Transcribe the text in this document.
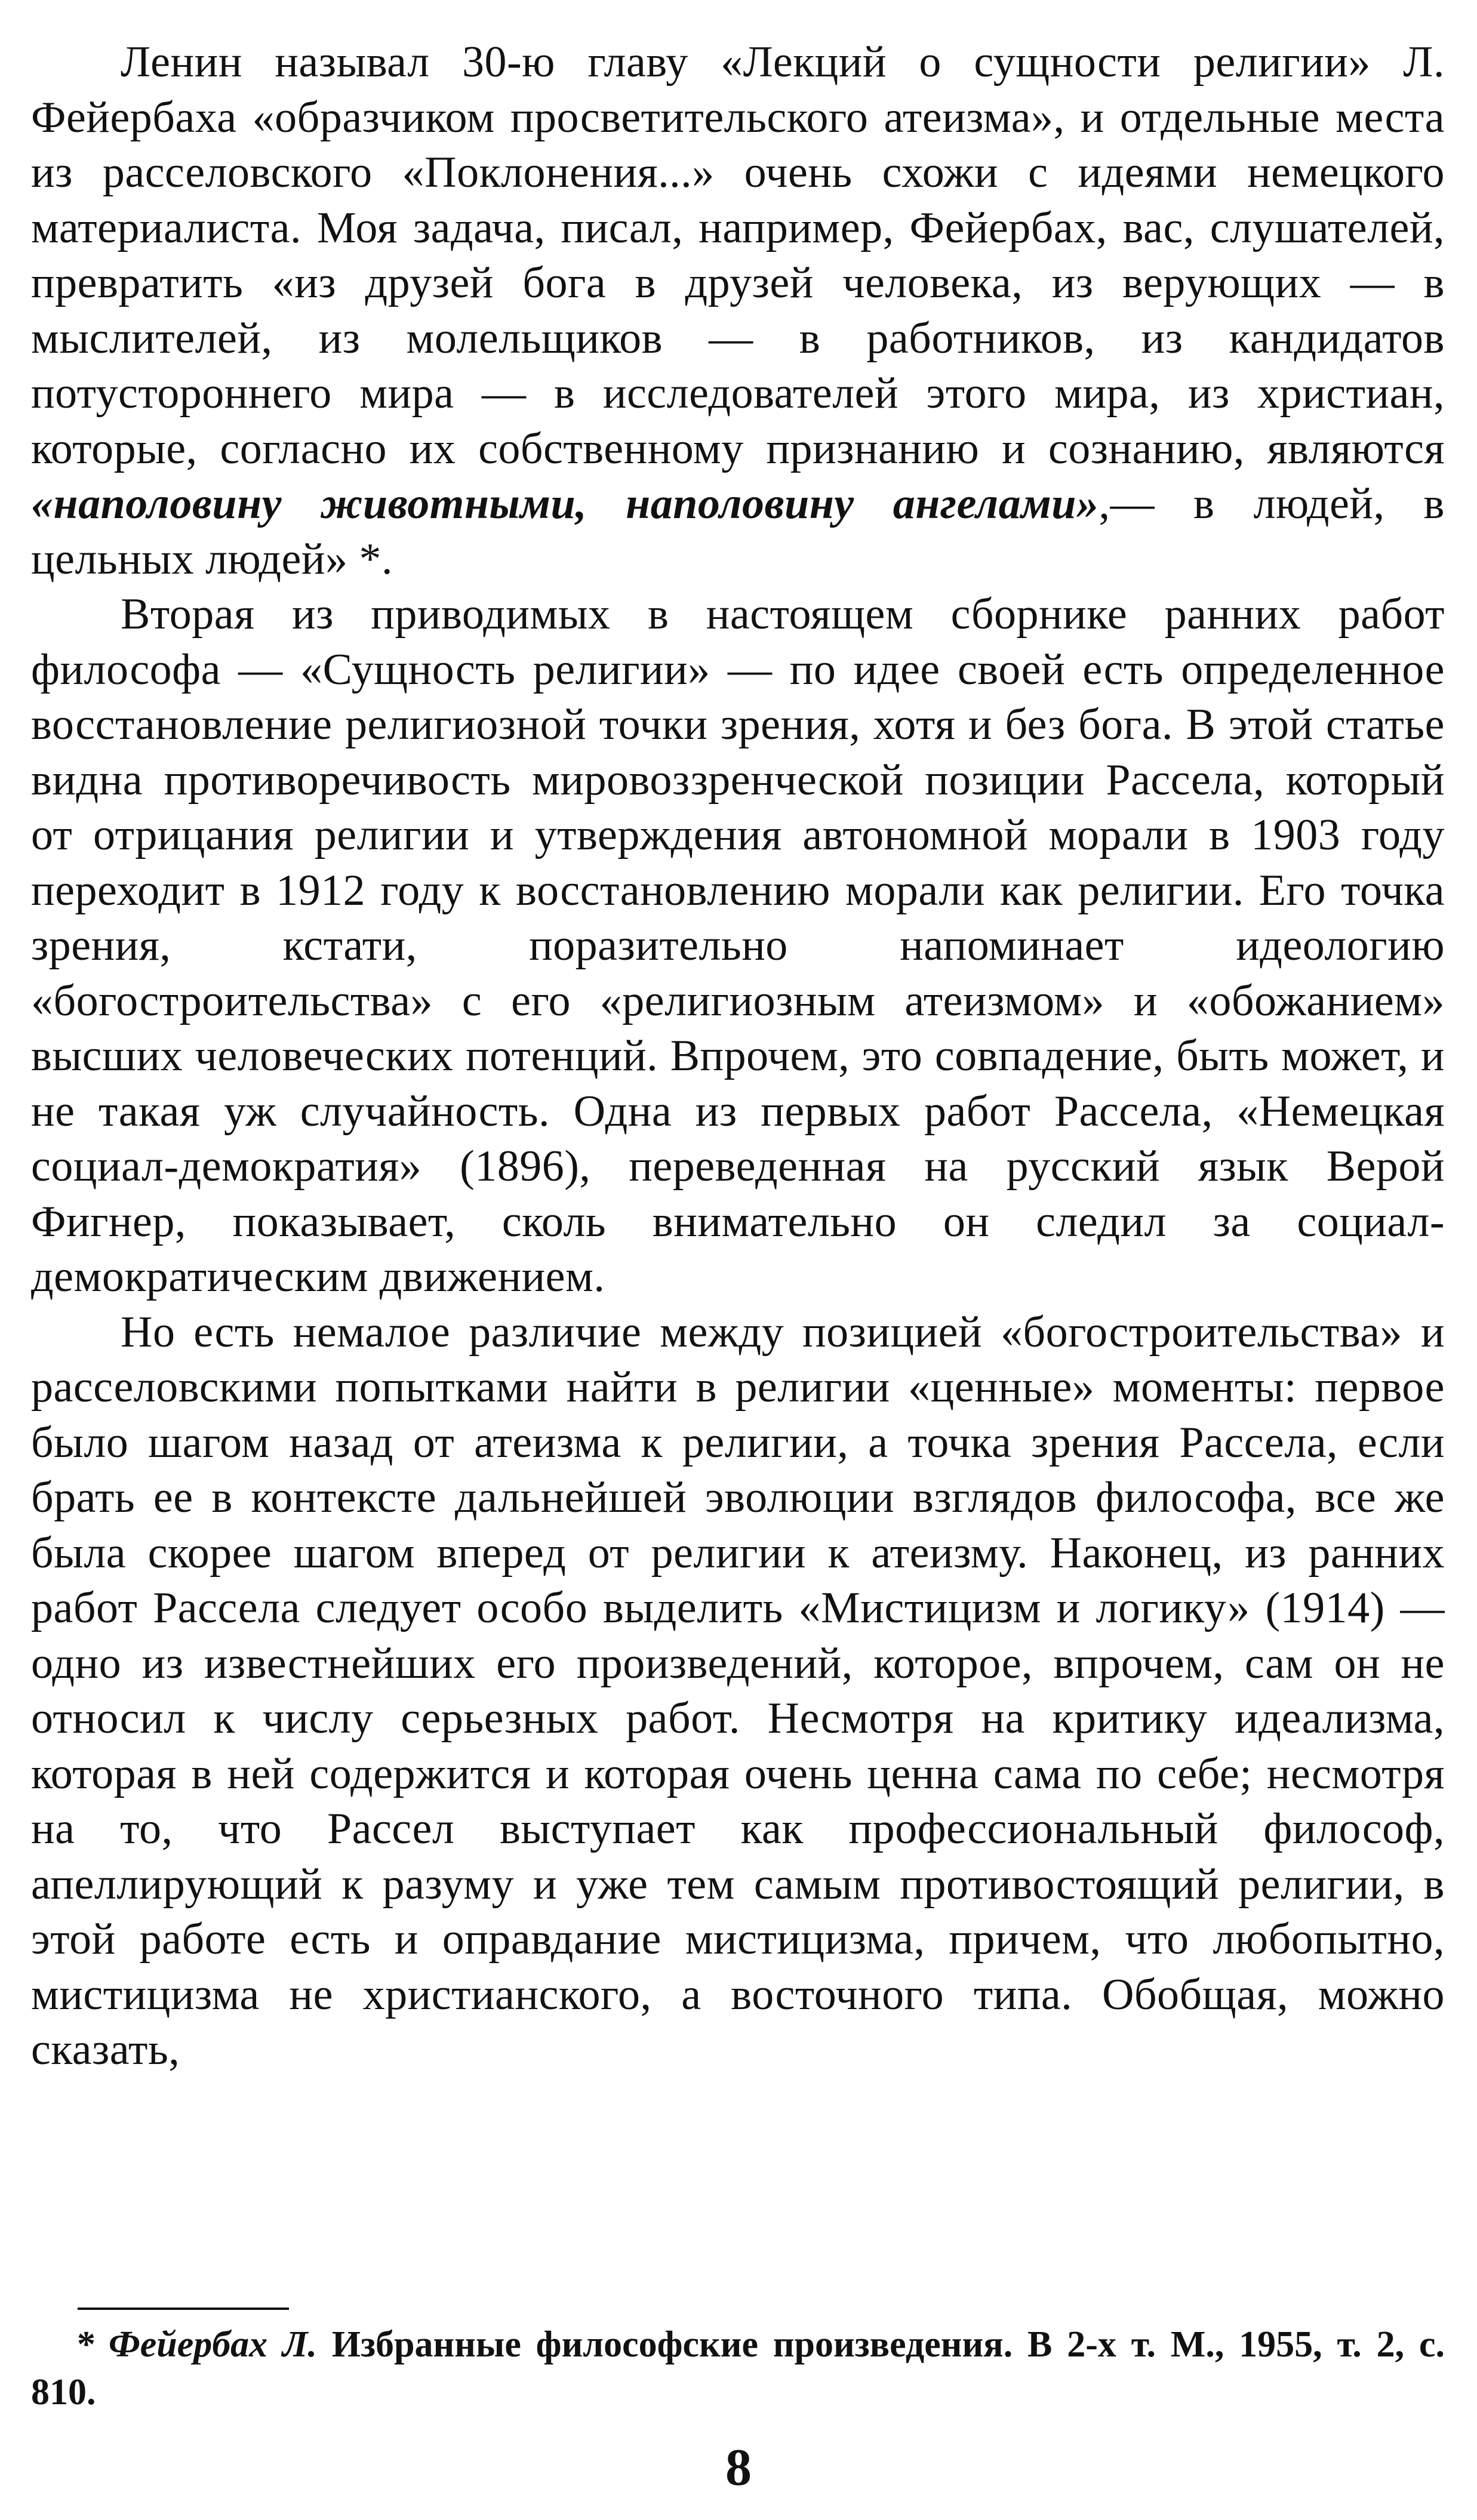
Ленин называл 30-ю главу «Лекций о сущности религии» Л. Фейербаха «образчиком просветительского атеизма», и отдельные места из расселовского «Поклонения...» очень схожи с идеями немецкого материалиста. Моя задача, писал, например, Фейербах, вас, слушателей, превратить «из друзей бога в друзей человека, из верующих — в мыслителей, из молельщиков — в работников, из кандидатов потустороннего мира — в исследователей этого мира, из христиан, которые, согласно их собственному признанию и сознанию, являются «наполовину животными, наполовину ангелами»,— в людей, в цельных людей» *.

Вторая из приводимых в настоящем сборнике ранних работ философа — «Сущность религии» — по идее своей есть определенное восстановление религиозной точки зрения, хотя и без бога. В этой статье видна противоречивость мировоззренческой позиции Рассела, который от отрицания религии и утверждения автономной морали в 1903 году переходит в 1912 году к восстановлению морали как религии. Его точка зрения, кстати, поразительно напоминает идеологию «богостроительства» с его «религиозным атеизмом» и «обожанием» высших человеческих потенций. Впрочем, это совпадение, быть может, и не такая уж случайность. Одна из первых работ Рассела, «Немецкая социал-демократия» (1896), переведенная на русский язык Верой Фигнер, показывает, сколь внимательно он следил за социал-демократическим движением.

Но есть немалое различие между позицией «богостроительства» и расселовскими попытками найти в религии «ценные» моменты: первое было шагом назад от атеизма к религии, а точка зрения Рассела, если брать ее в контексте дальнейшей эволюции взглядов философа, все же была скорее шагом вперед от религии к атеизму. Наконец, из ранних работ Рассела следует особо выделить «Мистицизм и логику» (1914) — одно из известнейших его произведений, которое, впрочем, сам он не относил к числу серьезных работ. Несмотря на критику идеализма, которая в ней содержится и которая очень ценна сама по себе; несмотря на то, что Рассел выступает как профессиональный философ, апеллирующий к разуму и уже тем самым противостоящий религии, в этой работе есть и оправдание мистицизма, причем, что любопытно, мистицизма не христианского, а восточного типа. Обобщая, можно сказать,

* Фейербах Л. Избранные философские произведения. В 2-х т. М., 1955, т. 2, с. 810.

8
